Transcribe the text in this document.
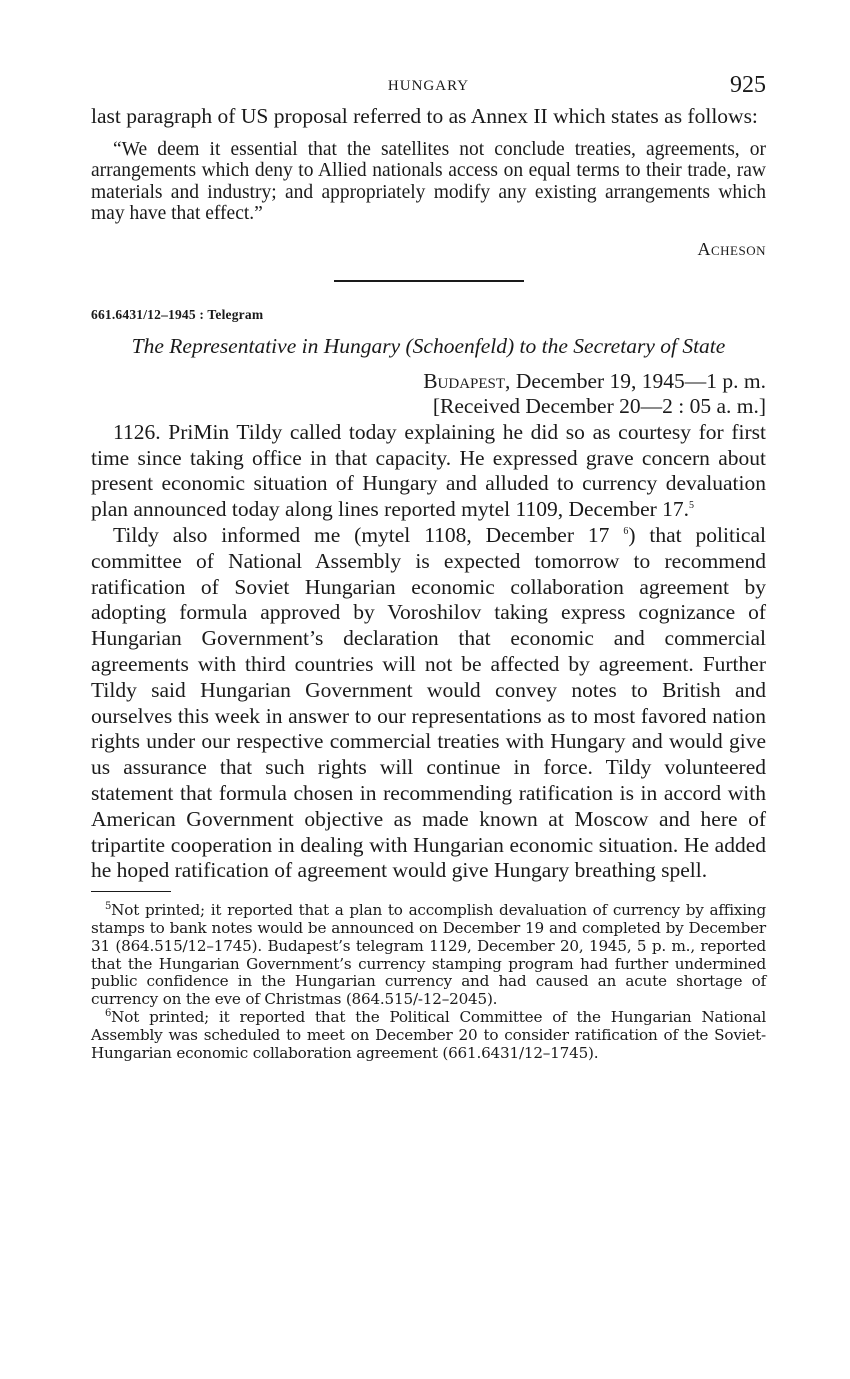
HUNGARY	925

last paragraph of US proposal referred to as Annex II which states as follows:

“We deem it essential that the satellites not conclude treaties, agreements, or arrangements which deny to Allied nationals access on equal terms to their trade, raw materials and industry; and appropriately modify any existing arrangements which may have that effect.”

Acheson
661.6431/12–1945 : Telegram
The Representative in Hungary (Schoenfeld) to the Secretary of State
Budapest, December 19, 1945—1 p. m.
[Received December 20—2 : 05 a. m.]

1126. PriMin Tildy called today explaining he did so as courtesy for first time since taking office in that capacity. He expressed grave concern about present economic situation of Hungary and alluded to currency devaluation plan announced today along lines reported mytel 1109, December 17.$^5$

Tildy also informed me (mytel 1108, December 17 $^6$) that political committee of National Assembly is expected tomorrow to recommend ratification of Soviet Hungarian economic collaboration agreement by adopting formula approved by Voroshilov taking express cognizance of Hungarian Government’s declaration that economic and commercial agreements with third countries will not be affected by agreement. Further Tildy said Hungarian Government would convey notes to British and ourselves this week in answer to our representations as to most favored nation rights under our respective commercial treaties with Hungary and would give us assurance that such rights will continue in force. Tildy volunteered statement that formula chosen in recommending ratification is in accord with American Government objective as made known at Moscow and here of tripartite cooperation in dealing with Hungarian economic situation. He added he hoped ratification of agreement would give Hungary breathing spell.

$^5$Not printed; it reported that a plan to accomplish devaluation of currency by affixing stamps to bank notes would be announced on December 19 and completed by December 31 (864.515/12–1745). Budapest’s telegram 1129, December 20, 1945, 5 p. m., reported that the Hungarian Government’s currency stamping program had further undermined public confidence in the Hungarian currency and had caused an acute shortage of currency on the eve of Christmas (864.515/-12–2045).

$^6$Not printed; it reported that the Political Committee of the Hungarian National Assembly was scheduled to meet on December 20 to consider ratification of the Soviet-Hungarian economic collaboration agreement (661.6431/12–1745).
